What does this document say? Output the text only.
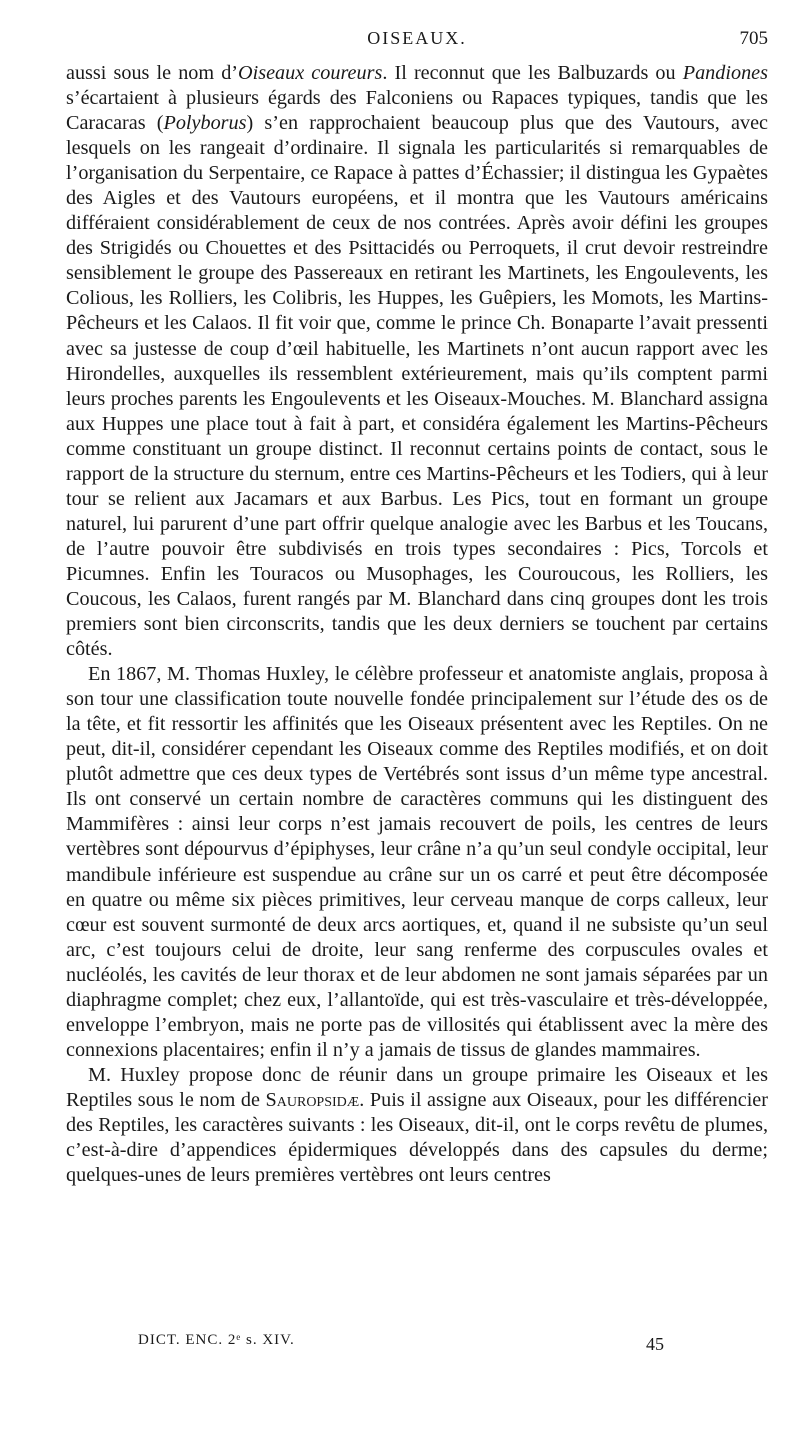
OISEAUX.	705

aussi sous le nom d’Oiseaux coureurs. Il reconnut que les Balbuzards ou Pandiones s’écartaient à plusieurs égards des Falconiens ou Rapaces typiques, tandis que les Caracaras (Polyborus) s’en rapprochaient beaucoup plus que des Vautours, avec lesquels on les rangeait d’ordinaire. Il signala les particularités si remarquables de l’organisation du Serpentaire, ce Rapace à pattes d’Échassier; il distingua les Gypaètes des Aigles et des Vautours européens, et il montra que les Vautours américains différaient considérablement de ceux de nos contrées. Après avoir défini les groupes des Strigidés ou Chouettes et des Psittacidés ou Perroquets, il crut devoir restreindre sensiblement le groupe des Passereaux en retirant les Martinets, les Engoulevents, les Colious, les Rolliers, les Colibris, les Huppes, les Guêpiers, les Momots, les Martins-Pêcheurs et les Calaos. Il fit voir que, comme le prince Ch. Bonaparte l’avait pressenti avec sa justesse de coup d’œil habituelle, les Martinets n’ont aucun rapport avec les Hirondelles, auxquelles ils ressemblent extérieurement, mais qu’ils comptent parmi leurs proches parents les Engoulevents et les Oiseaux-Mouches. M. Blanchard assigna aux Huppes une place tout à fait à part, et considéra également les Martins-Pêcheurs comme constituant un groupe distinct. Il reconnut certains points de contact, sous le rapport de la structure du sternum, entre ces Martins-Pêcheurs et les Todiers, qui à leur tour se relient aux Jacamars et aux Barbus. Les Pics, tout en formant un groupe naturel, lui parurent d’une part offrir quelque analogie avec les Barbus et les Toucans, de l’autre pouvoir être subdivisés en trois types secondaires : Pics, Torcols et Picumnes. Enfin les Touracos ou Musophages, les Couroucous, les Rolliers, les Coucous, les Calaos, furent rangés par M. Blanchard dans cinq groupes dont les trois premiers sont bien circonscrits, tandis que les deux derniers se touchent par certains côtés.

En 1867, M. Thomas Huxley, le célèbre professeur et anatomiste anglais, proposa à son tour une classification toute nouvelle fondée principalement sur l’étude des os de la tête, et fit ressortir les affinités que les Oiseaux présentent avec les Reptiles. On ne peut, dit-il, considérer cependant les Oiseaux comme des Reptiles modifiés, et on doit plutôt admettre que ces deux types de Vertébrés sont issus d’un même type ancestral. Ils ont conservé un certain nombre de caractères communs qui les distinguent des Mammifères : ainsi leur corps n’est jamais recouvert de poils, les centres de leurs vertèbres sont dépourvus d’épiphyses, leur crâne n’a qu’un seul condyle occipital, leur mandibule inférieure est suspendue au crâne sur un os carré et peut être décomposée en quatre ou même six pièces primitives, leur cerveau manque de corps calleux, leur cœur est souvent surmonté de deux arcs aortiques, et, quand il ne subsiste qu’un seul arc, c’est toujours celui de droite, leur sang renferme des corpuscules ovales et nucléolés, les cavités de leur thorax et de leur abdomen ne sont jamais séparées par un diaphragme complet; chez eux, l’allantoïde, qui est très-vasculaire et très-développée, enveloppe l’embryon, mais ne porte pas de villosités qui établissent avec la mère des connexions placentaires; enfin il n’y a jamais de tissus de glandes mammaires.

M. Huxley propose donc de réunir dans un groupe primaire les Oiseaux et les Reptiles sous le nom de Sauropsidæ. Puis il assigne aux Oiseaux, pour les différencier des Reptiles, les caractères suivants : les Oiseaux, dit-il, ont le corps revêtu de plumes, c’est-à-dire d’appendices épidermiques développés dans des capsules du derme; quelques-unes de leurs premières vertèbres ont leurs centres

DICT. ENC. 2ᵉ s. XIV.	45
